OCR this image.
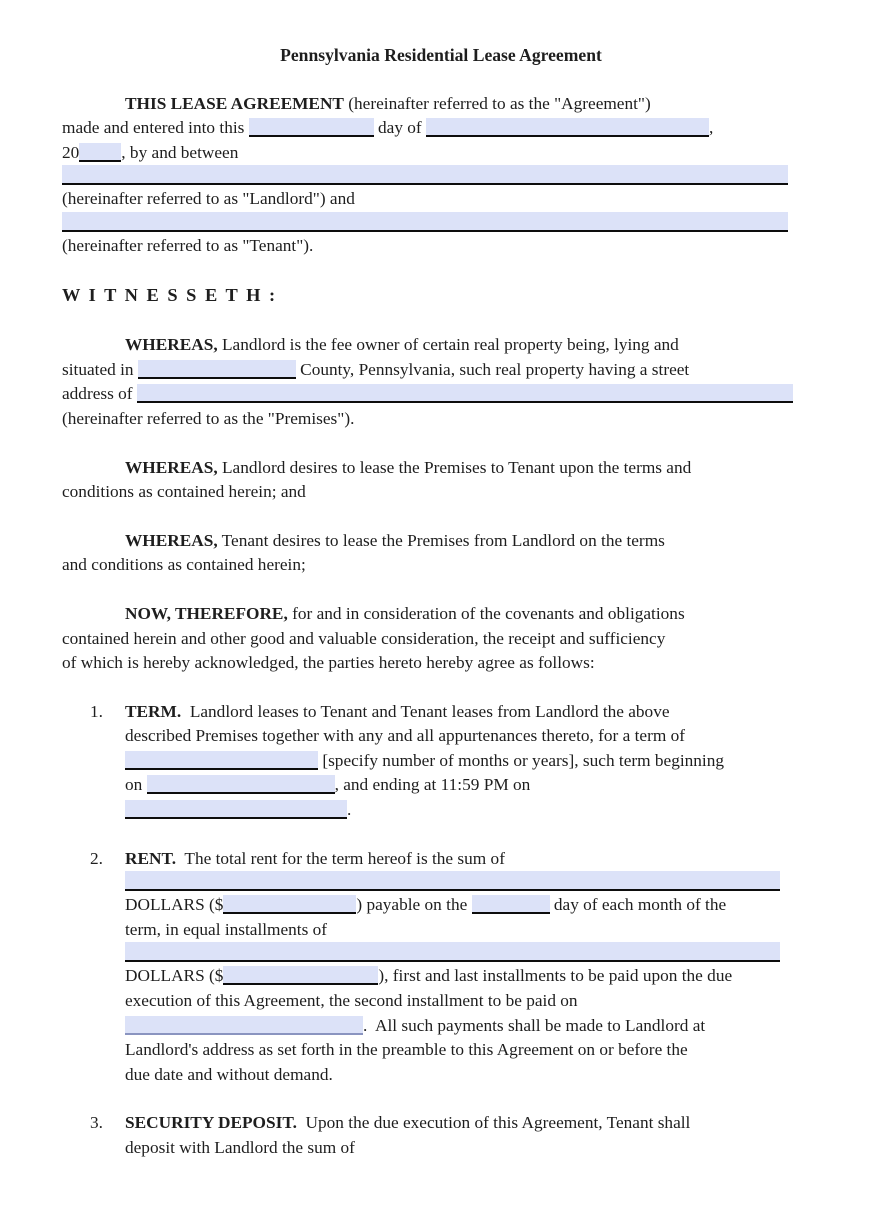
Pennsylvania Residential Lease Agreement
THIS LEASE AGREEMENT (hereinafter referred to as the "Agreement")
made and entered into this	day of	,
20 , by and between
(hereinafter referred to as "Landlord") and
(hereinafter referred to as "Tenant").
W I T N E S S E T H :
WHEREAS, Landlord is the fee owner of certain real property being, lying and
situated in	County, Pennsylvania, such real property having a street
address of
(hereinafter referred to as the "Premises").
WHEREAS, Landlord desires to lease the Premises to Tenant upon the terms and
conditions as contained herein; and
WHEREAS, Tenant desires to lease the Premises from Landlord on the terms
and conditions as contained herein;
NOW, THEREFORE, for and in consideration of the covenants and obligations
contained herein and other good and valuable consideration, the receipt and sufficiency
of which is hereby acknowledged, the parties hereto hereby agree as follows:
1.	TERM.  Landlord leases to Tenant and Tenant leases from Landlord the above
described Premises together with any and all appurtenances thereto, for a term of
[specify number of months or years], such term beginning
on	, and ending at 11:59 PM on
.
2.	RENT.  The total rent for the term hereof is the sum of
DOLLARS ($	) payable on the	day of each month of the
term, in equal installments of
DOLLARS ($	), first and last installments to be paid upon the due
execution of this Agreement, the second installment to be paid on
.  All such payments shall be made to Landlord at
Landlord's address as set forth in the preamble to this Agreement on or before the
due date and without demand.
3.	SECURITY DEPOSIT.  Upon the due execution of this Agreement, Tenant shall
deposit with Landlord the sum of
